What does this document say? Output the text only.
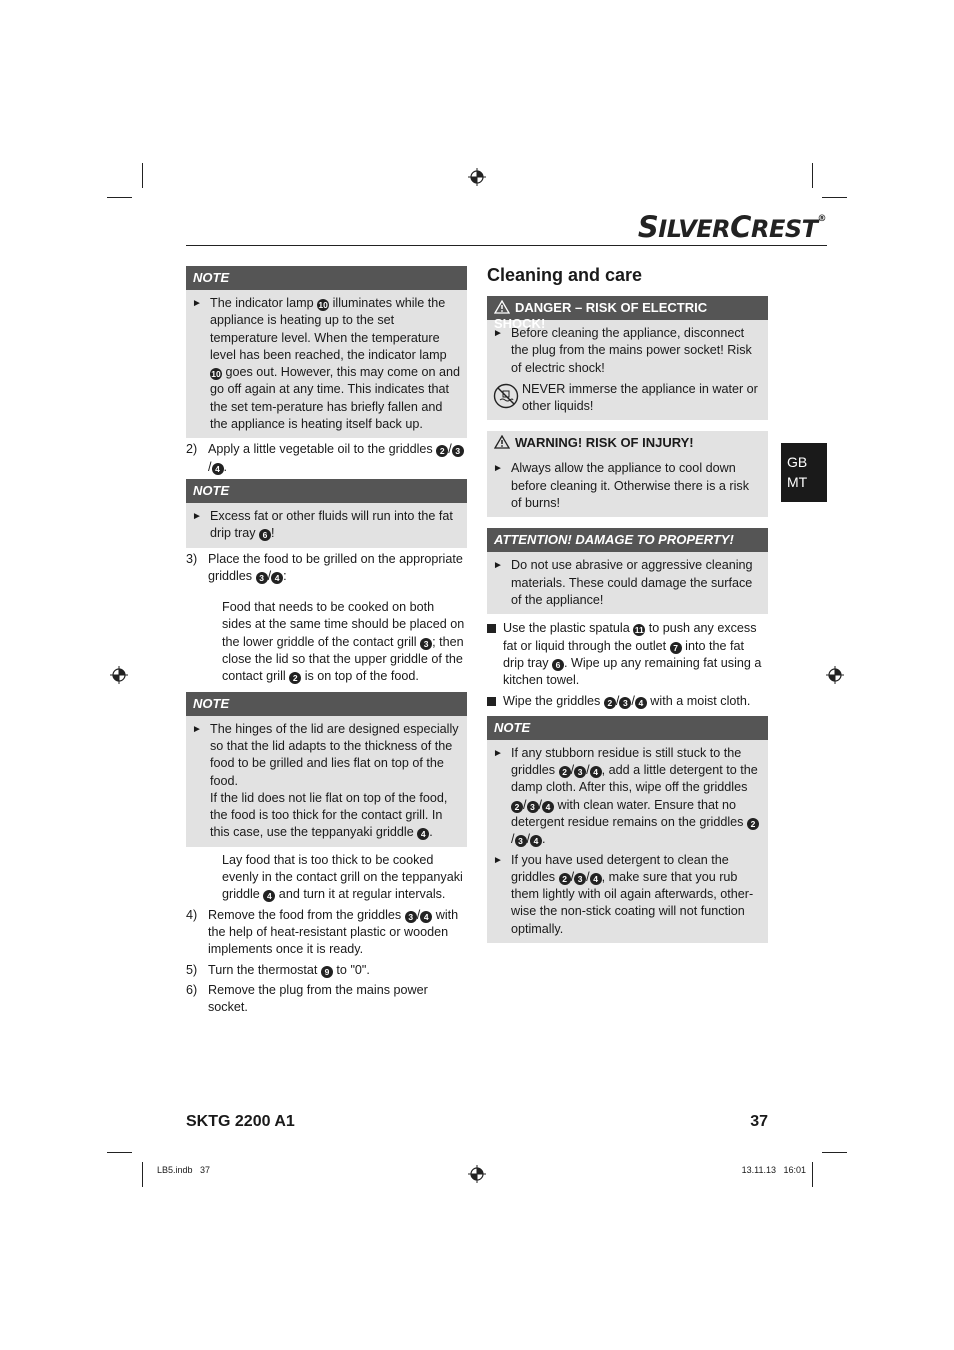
SILVERCREST®
GB
MT
NOTE
► The indicator lamp 10 illuminates while the appliance is heating up to the set temperature level. When the temperature level has been reached, the indicator lamp 10 goes out. However, this may come on and go off again at any time. This indicates that the set tem-perature has briefly fallen and the appliance is heating itself back up.
2) Apply a little vegetable oil to the griddles 2 / 3/ 4 .
NOTE
► Excess fat or other fluids will run into the fat drip tray 6 !
3) Place the food to be grilled on the appropriate griddles 3 / 4 :
Food that needs to be cooked on both sides at the same time should be placed on the lower griddle of the contact grill 3 ; then close the lid so that the upper griddle of the contact grill 2 is on top of the food.
NOTE
► The hinges of the lid are designed especially so that the lid adapts to the thickness of the food to be grilled and lies flat on top of the food.
If the lid does not lie flat on top of the food, the food is too thick for the contact grill. In this case, use the teppanyaki griddle 4 .
Lay food that is too thick to be cooked evenly in the contact grill on the teppanyaki griddle 4 and turn it at regular intervals.
4) Remove the food from the griddles 3 / 4 with the help of heat-resistant plastic or wooden implements once it is ready.
5) Turn the thermostat 9 to "0".
6) Remove the plug from the mains power socket.
Cleaning and care
DANGER – RISK OF ELECTRIC SHOCK!
► Before cleaning the appliance, disconnect the plug from the mains power socket! Risk of electric shock!
NEVER immerse the appliance in water or other liquids!
WARNING! RISK OF INJURY!
► Always allow the appliance to cool down before cleaning it. Otherwise there is a risk of burns!
ATTENTION! DAMAGE TO PROPERTY!
► Do not use abrasive or aggressive cleaning materials. These could damage the surface of the appliance!
Use the plastic spatula 11 to push any excess fat or liquid through the outlet 7 into the fat drip tray 6 . Wipe up any remaining fat using a kitchen towel.
Wipe the griddles 2 / 3 / 4 with a moist cloth.
NOTE
► If any stubborn residue is still stuck to the griddles 2 / 3 / 4 , add a little detergent to the damp cloth. After this, wipe off the griddles 2 / 3 / 4 with clean water. Ensure that no detergent residue remains on the griddles 2/ 3 / 4 .
► If you have used detergent to clean the griddles 2 / 3 / 4 , make sure that you rub them lightly with oil again afterwards, other-wise the non-stick coating will not function optimally.
SKTG 2200 A1	37
LB5.indb   37	13.11.13   16:01
